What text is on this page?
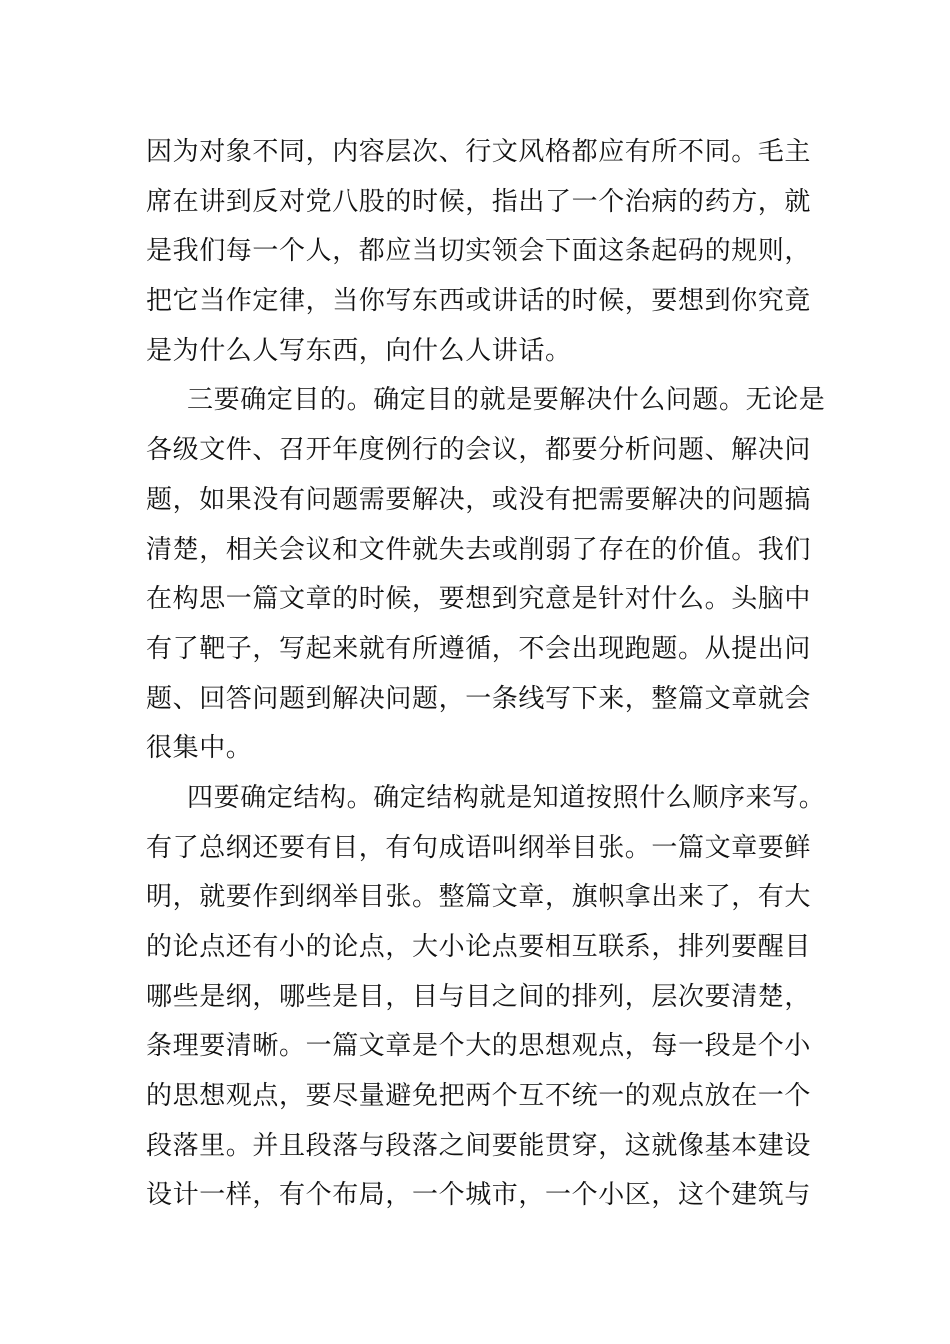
因为对象不同，内容层次、行文风格都应有所不同。毛主
席在讲到反对党八股的时候，指出了一个治病的药方，就
是我们每一个人，都应当切实领会下面这条起码的规则，
把它当作定律，当你写东西或讲话的时候，要想到你究竟
是为什么人写东西，向什么人讲话。
三要确定目的。确定目的就是要解决什么问题。无论是
各级文件、召开年度例行的会议，都要分析问题、解决问
题，如果没有问题需要解决，或没有把需要解决的问题搞
清楚，相关会议和文件就失去或削弱了存在的价值。我们
在构思一篇文章的时候，要想到究意是针对什么。头脑中
有了靶子，写起来就有所遵循，不会出现跑题。从提出问
题、回答问题到解决问题，一条线写下来，整篇文章就会
很集中。
四要确定结构。确定结构就是知道按照什么顺序来写。
有了总纲还要有目，有句成语叫纲举目张。一篇文章要鲜
明，就要作到纲举目张。整篇文章，旗帜拿出来了，有大
的论点还有小的论点，大小论点要相互联系，排列要醒目
哪些是纲，哪些是目，目与目之间的排列，层次要清楚，
条理要清晰。一篇文章是个大的思想观点，每一段是个小
的思想观点，要尽量避免把两个互不统一的观点放在一个
段落里。并且段落与段落之间要能贯穿，这就像基本建设
设计一样，有个布局，一个城市，一个小区，这个建筑与
